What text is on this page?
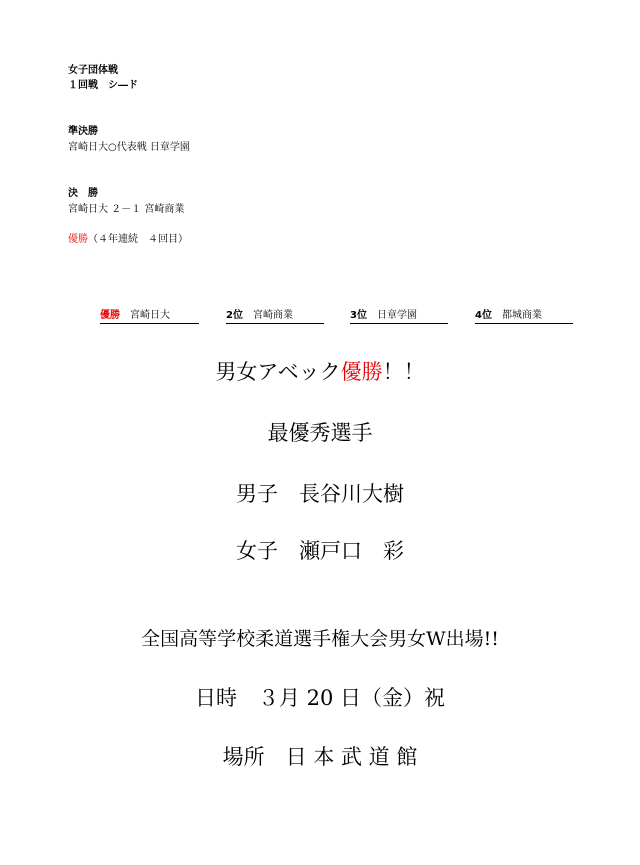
女子団体戦
１回戦　シ―ド
準決勝
宮崎日大○代表戦 日章学園
決　勝
宮崎日大 ２－１ 宮崎商業
優勝（４年連続　４回目）
優勝 宮崎日大	2位 宮崎商業	3位 日章学園	4位 都城商業
男女アベック優勝！！
最優秀選手
男子　長谷川大樹
女子　瀬戸口　彩
全国高等学校柔道選手権大会男女W出場!!
日時　３月 20 日（金）祝
場所　日 本 武 道 館
